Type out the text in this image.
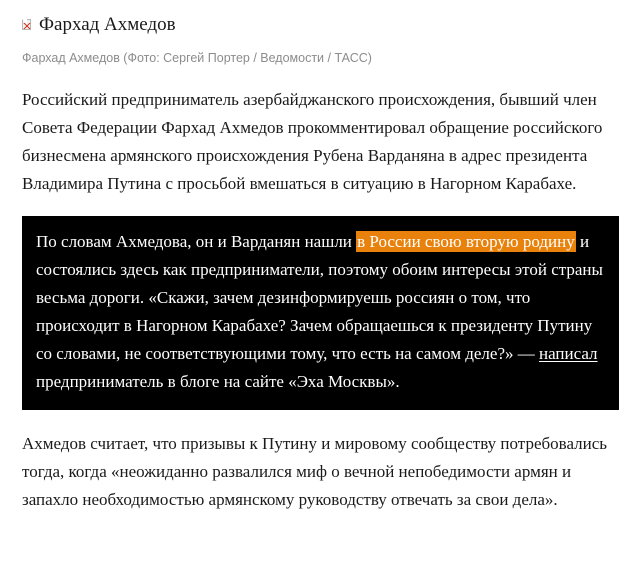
Фархад Ахмедов
Фархад Ахмедов (Фото: Сергей Портер / Ведомости / ТАСС)

Российский предприниматель азербайджанского происхождения, бывший член Совета Федерации Фархад Ахмедов прокомментировал обращение российского бизнесмена армянского происхождения Рубена Варданяна в адрес президента Владимира Путина с просьбой вмешаться в ситуацию в Нагорном Карабахе.

По словам Ахмедова, он и Варданян нашли в России свою вторую родину и состоялись здесь как предприниматели, поэтому обоим интересы этой страны весьма дороги. «Скажи, зачем дезинформируешь россиян о том, что происходит в Нагорном Карабахе? Зачем обращаешься к президенту Путину со словами, не соответствующими тому, что есть на самом деле?» — написал предприниматель в блоге на сайте «Эха Москвы».

Ахмедов считает, что призывы к Путину и мировому сообществу потребовались тогда, когда «неожиданно развалился миф о вечной непобедимости армян и запахло необходимостью армянскому руководству отвечать за свои дела».
